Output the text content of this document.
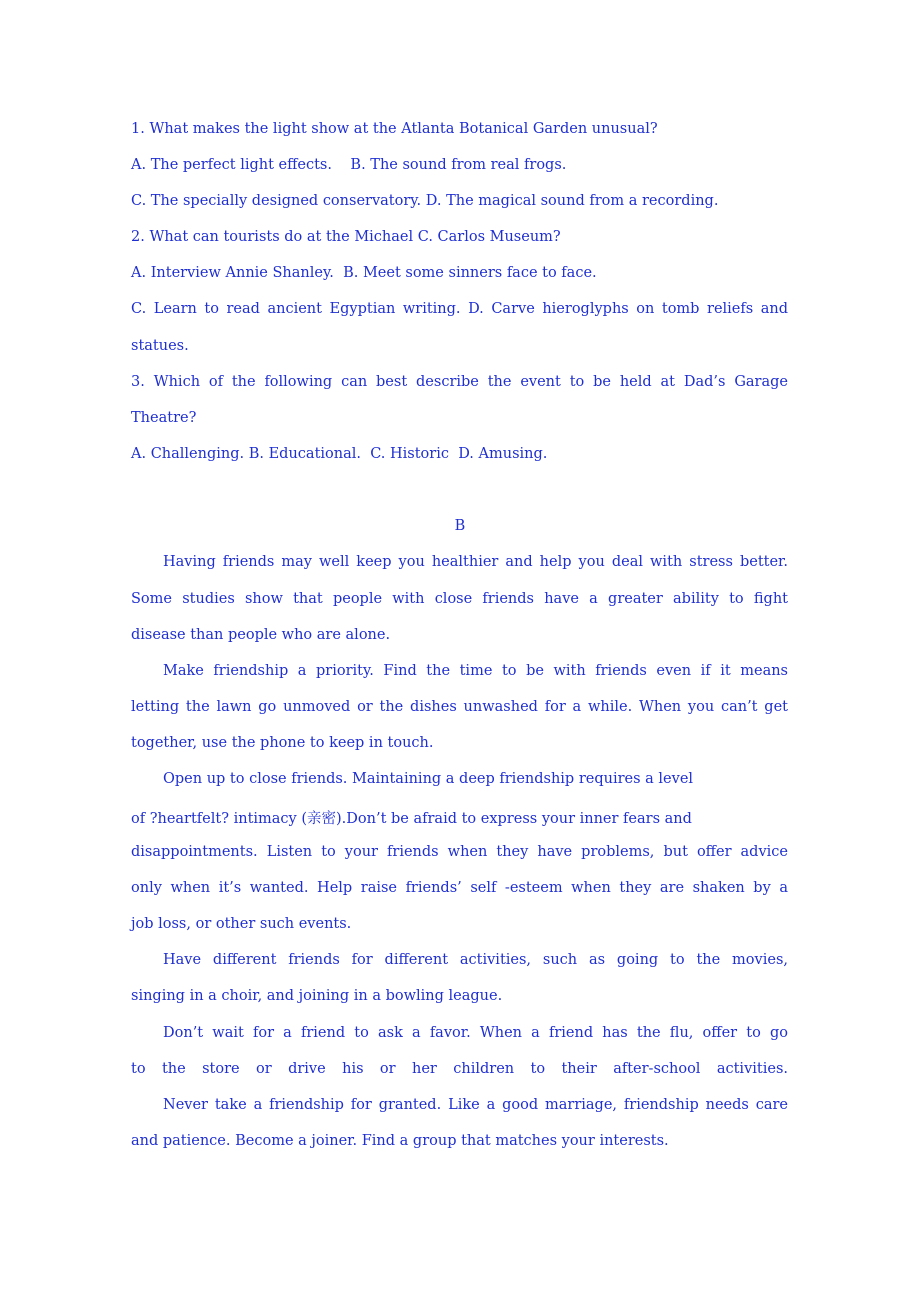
1. What makes the light show at the Atlanta Botanical Garden unusual?
A. The perfect light effects.    B. The sound from real frogs.
C. The specially designed conservatory. D. The magical sound from a recording.
2. What can tourists do at the Michael C. Carlos Museum?
A. Interview Annie Shanley.  B. Meet some sinners face to face.
C. Learn to read ancient Egyptian writing. D. Carve hieroglyphs on tomb reliefs and
statues.
3. Which of the following can best describe the event to be held at Dad’s Garage
Theatre?
A. Challenging. B. Educational.  C. Historic  D. Amusing.
B
Having friends may well keep you healthier and help you deal with stress better.
Some studies show that people with close friends have a greater ability to fight
disease than people who are alone.
Make friendship a priority. Find the time to be with friends even if it means
letting the lawn go unmoved or the dishes unwashed for a while. When you can’t get
together, use the phone to keep in touch.
Open up to close friends. Maintaining a deep friendship requires a level
of ?heartfelt? intimacy (亲密).Don’t be afraid to express your inner fears and
disappointments. Listen to your friends when they have problems, but offer advice
only when it’s wanted. Help raise friends’ self -esteem when they are shaken by a
job loss, or other such events.
Have different friends for different activities, such as going to the movies,
singing in a choir, and joining in a bowling league.
Don’t wait for a friend to ask a favor. When a friend has the flu, offer to go
to the store or drive his or her children to their after-school activities.
Never take a friendship for granted. Like a good marriage, friendship needs care
and patience. Become a joiner. Find a group that matches your interests.
